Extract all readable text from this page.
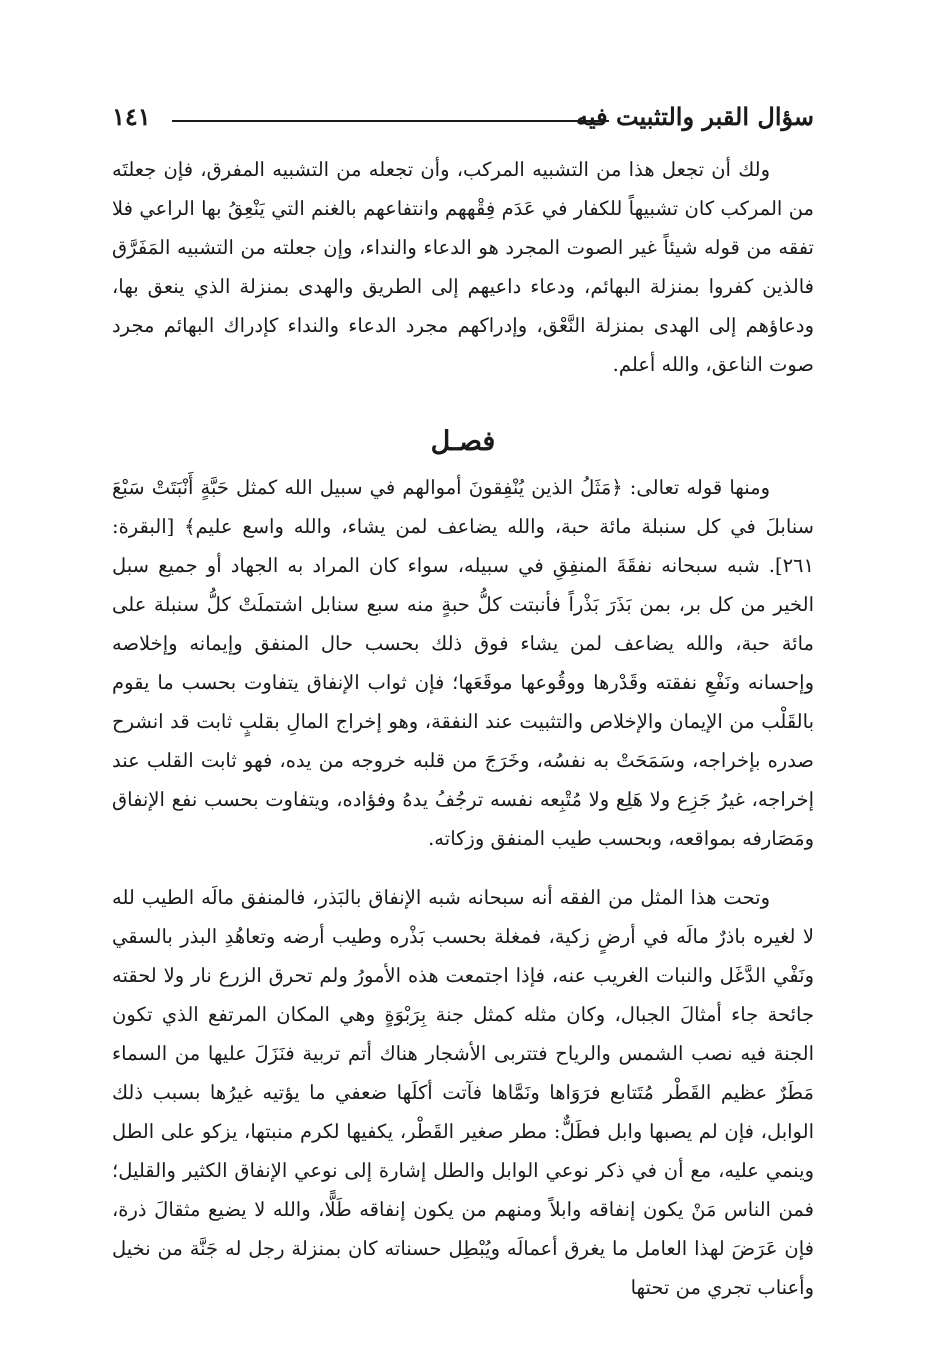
سؤال القبر والتثبيت فيه
١٤١

ولك أن تجعل هذا من التشبيه المركب، وأن تجعله من التشبيه المفرق، فإن جعلتَه من المركب كان تشبيهاً للكفار في عَدَم فِقْههم وانتفاعهم بالغنم التي يَنْعِقُ بها الراعي فلا تفقه من قوله شيئاً غير الصوت المجرد هو الدعاء والنداء، وإن جعلته من التشبيه المَفَرَّق فالذين كفروا بمنزلة البهائم، ودعاء داعيهم إلى الطريق والهدى بمنزلة الذي ينعق بها، ودعاؤهم إلى الهدى بمنزلة النَّعْق، وإدراكهم مجرد الدعاء والنداء كإدراك البهائم مجرد صوت الناعق، والله أعلم.

فصـل

ومنها قوله تعالى: ﴿مَثَلُ الذين يُنْفِقونَ أموالهم في سبيل الله كمثل حَبَّةٍ أَنْبَتَتْ سَبْعَ سنابلَ في كل سنبلة مائة حبة، والله يضاعف لمن يشاء، والله واسع عليم﴾ [البقرة: ٢٦١]. شبه سبحانه نفقَةَ المنفِقِ في سبيله، سواء كان المراد به الجهاد أو جميع سبل الخير من كل بر، بمن بَذَرَ بَذْراً فأنبتت كلُّ حبةٍ منه سبع سنابل اشتملَتْ كلُّ سنبلة على مائة حبة، والله يضاعف لمن يشاء فوق ذلك بحسب حال المنفق وإيمانه وإخلاصه وإحسانه ونَفْعِ نفقته وقَدْرها ووقُوعها موقَعَها؛ فإن ثواب الإنفاق يتفاوت بحسب ما يقوم بالقَلْب من الإيمان والإخلاص والتثبيت عند النفقة، وهو إخراج المالِ بقلبٍ ثابت قد انشرح صدره بإخراجه، وسَمَحَتْ به نفسُه، وخَرَجَ من قلبه خروجه من يده، فهو ثابت القلب عند إخراجه، غيرُ جَزِع ولا هَلِع ولا مُتْبِعه نفسه ترجُفُ يدهُ وفؤاده، ويتفاوت بحسب نفع الإنفاق ومَصَارفه بمواقعه، وبحسب طيب المنفق وزكاته.

وتحت هذا المثل من الفقه أنه سبحانه شبه الإنفاق بالبَذر، فالمنفق مالَه الطيب لله لا لغيره باذرٌ مالَه في أرضٍ زكية، فمغلة بحسب بَذْره وطيب أرضه وتعاهُدِ البذر بالسقي ونَفْي الدَّغَل والنبات الغريب عنه، فإذا اجتمعت هذه الأمورُ ولم تحرق الزرع نار ولا لحقته جائحة جاء أمثالَ الجبال، وكان مثله كمثل جنة بِرَبْوَةٍ وهي المكان المرتفع الذي تكون الجنة فيه نصب الشمس والرياح فتتربى الأشجار هناك أتم تربية فنَزَلَ عليها من السماء مَطَرٌ عظيم القَطْر مُتَتابع فرَوَاها ونَمَّاها فآتت أكلَها ضعفي ما يؤتيه غيرُها بسبب ذلك الوابل، فإن لم يصبها وابل فطَلٌّ: مطر صغير القَطْر، يكفيها لكرم منبتها، يزكو على الطل وينمي عليه، مع أن في ذكر نوعي الوابل والطل إشارة إلى نوعي الإنفاق الكثير والقليل؛ فمن الناس مَنْ يكون إنفاقه وابلاً ومنهم من يكون إنفاقه طَلًّا، والله لا يضيع مثقالَ ذرة، فإن عَرَضَ لهذا العامل ما يغرق أعمالَه ويُبْطِل حسناته كان بمنزلة رجل له جَنَّة من نخيل وأعناب تجري من تحتها
